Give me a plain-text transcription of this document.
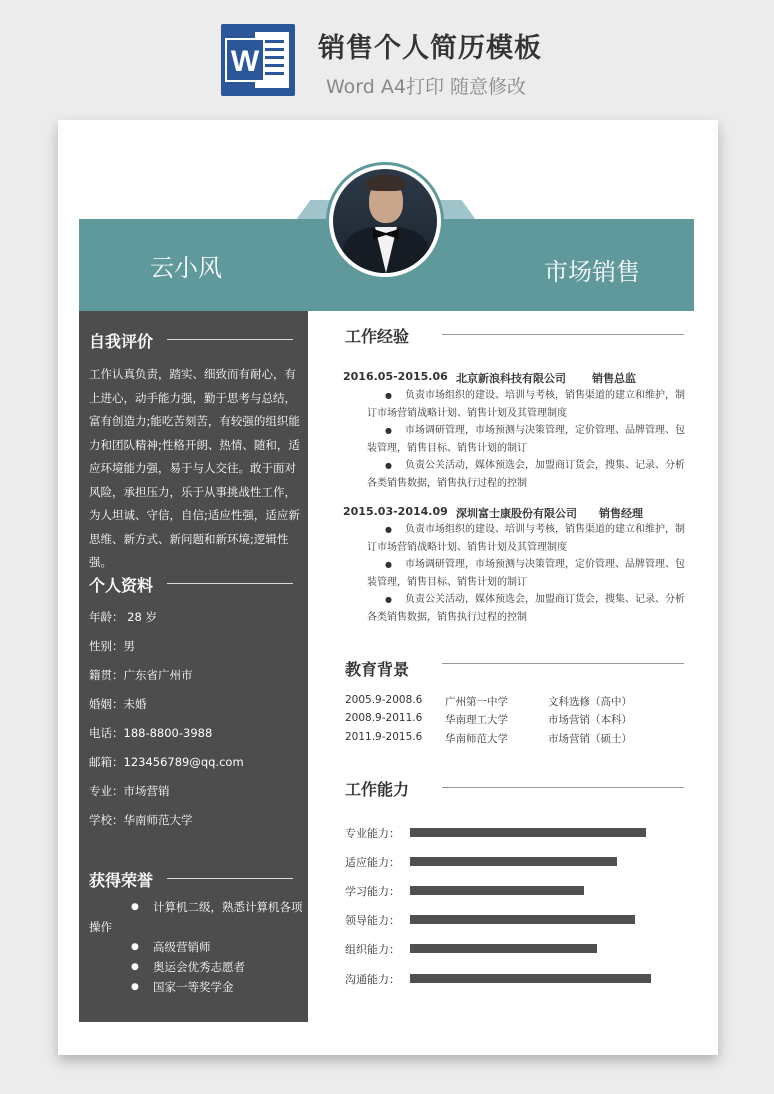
W 销售个人简历模板
Word A4打印 随意修改
云小风	市场销售
自我评价
工作认真负责，踏实、细致而有耐心，有上进心，动手能力强，勤于思考与总结，富有创造力;能吃苦刻苦，有较强的组织能力和团队精神;性格开朗、热情、随和，适应环境能力强，易于与人交往。敢于面对风险，承担压力，乐于从事挑战性工作，为人坦诚、守信，自信;适应性强，适应新思维、新方式、新问题和新环境;逻辑性强。
个人资料
年龄： 28 岁
性别：男
籍贯：广东省广州市
婚姻：未婚
电话：188-8800-3988
邮箱：123456789@qq.com
专业：市场营销
学校：华南师范大学
获得荣誉
● 计算机二级，熟悉计算机各项操作
● 高级营销师
● 奥运会优秀志愿者
● 国家一等奖学金
工作经验
2016.05-2015.06 北京新浪科技有限公司 销售总监
● 负责市场组织的建设、培训与考核，销售渠道的建立和维护，制订市场营销战略计划、销售计划及其管理制度
● 市场调研管理，市场预测与决策管理，定价管理、品牌管理、包装管理，销售目标、销售计划的制订
● 负责公关活动，媒体预选会，加盟商订货会，搜集、记录、分析各类销售数据，销售执行过程的控制
2015.03-2014.09 深圳富士康股份有限公司 销售经理
● 负责市场组织的建设、培训与考核，销售渠道的建立和维护，制订市场营销战略计划、销售计划及其管理制度
● 市场调研管理，市场预测与决策管理，定价管理、品牌管理、包装管理，销售目标、销售计划的制订
● 负责公关活动，媒体预选会，加盟商订货会，搜集、记录、分析各类销售数据，销售执行过程的控制
教育背景
2005.9-2008.6 广州第一中学	文科选修（高中）
2008.9-2011.6 华南理工大学	市场营销（本科）
2011.9-2015.6 华南师范大学	市场营销（硕士）
工作能力
专业能力：
适应能力：
学习能力：
领导能力：
组织能力：
沟通能力：
